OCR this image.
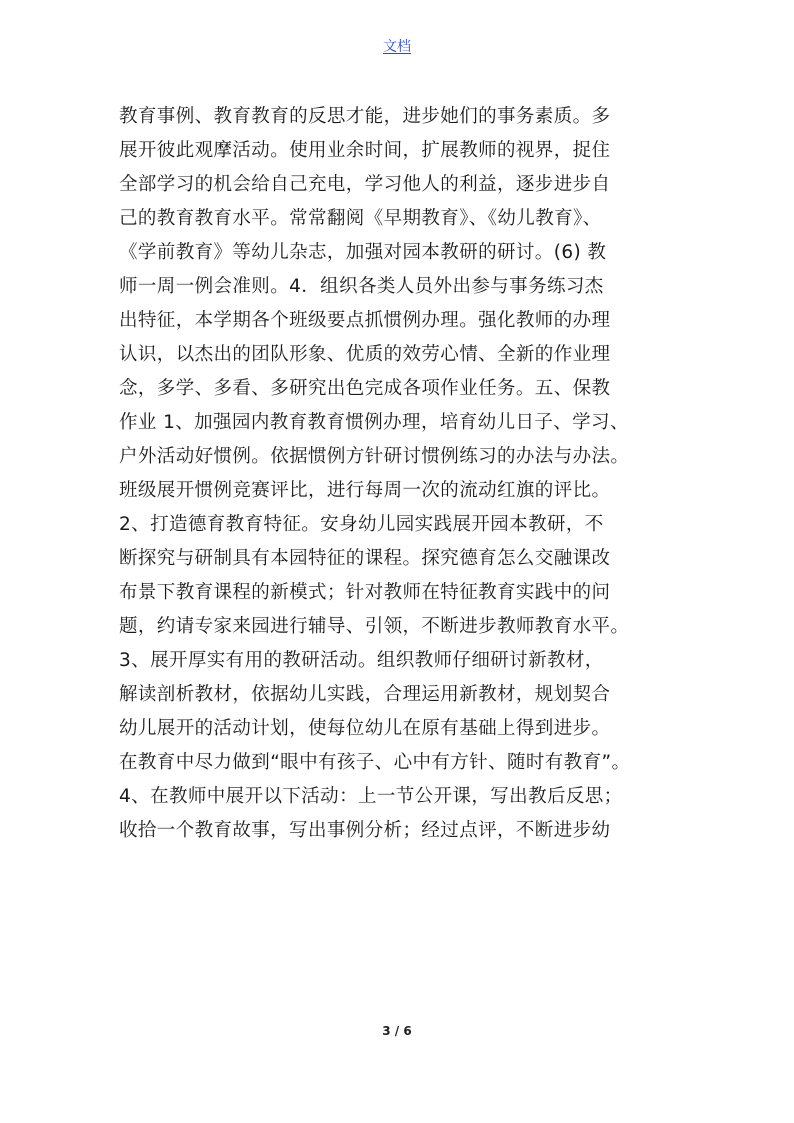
文档
教育事例、教育教育的反思才能，进步她们的事务素质。多
展开彼此观摩活动。使用业余时间，扩展教师的视界，捉住
全部学习的机会给自己充电，学习他人的利益，逐步进步自
己的教育教育水平。常常翻阅《早期教育》、《幼儿教育》、
《学前教育》等幼儿杂志，加强对园本教研的研讨。(6) 教
师一周一例会准则。4．组织各类人员外出参与事务练习杰
出特征，本学期各个班级要点抓惯例办理。强化教师的办理
认识，以杰出的团队形象、优质的效劳心情、全新的作业理
念，多学、多看、多研究出色完成各项作业任务。五、保教
作业 1、加强园内教育教育惯例办理，培育幼儿日子、学习、
户外活动好惯例。依据惯例方针研讨惯例练习的办法与办法。
班级展开惯例竞赛评比，进行每周一次的流动红旗的评比。
2、打造德育教育特征。安身幼儿园实践展开园本教研，不
断探究与研制具有本园特征的课程。探究德育怎么交融课改
布景下教育课程的新模式；针对教师在特征教育实践中的问
题，约请专家来园进行辅导、引领，不断进步教师教育水平。
3、展开厚实有用的教研活动。组织教师仔细研讨新教材，
解读剖析教材，依据幼儿实践，合理运用新教材，规划契合
幼儿展开的活动计划，使每位幼儿在原有基础上得到进步。
在教育中尽力做到“眼中有孩子、心中有方针、随时有教育”。
4、在教师中展开以下活动：上一节公开课，写出教后反思；
收拾一个教育故事，写出事例分析；经过点评，不断进步幼
3 / 6
